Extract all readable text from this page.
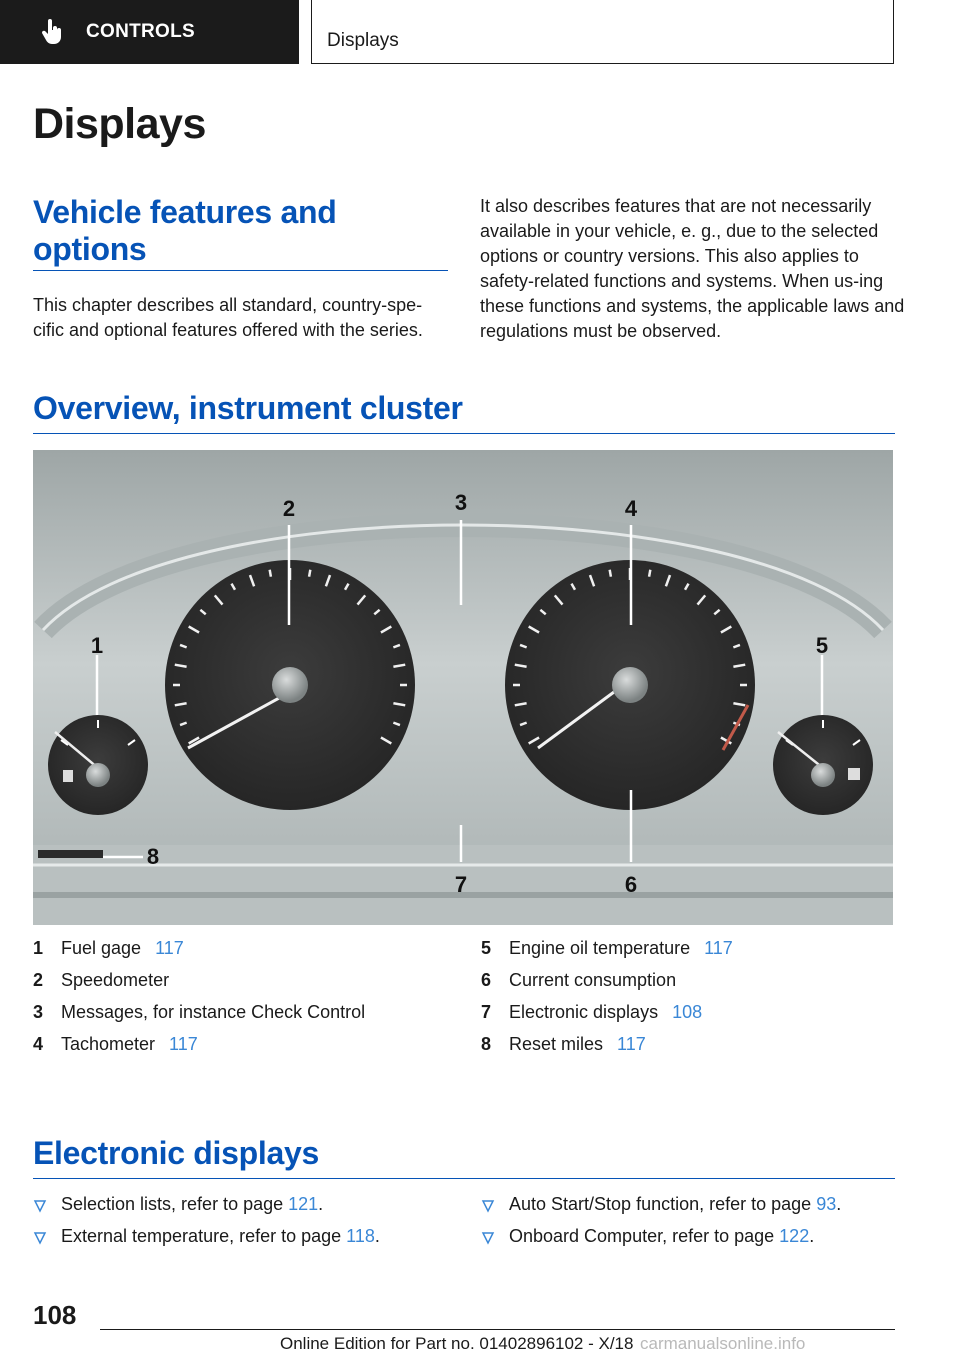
CONTROLS	Displays
Displays
Vehicle features and options
This chapter describes all standard, country-spe-cific and optional features offered with the series.
It also describes features that are not necessarily available in your vehicle, e. g., due to the selected options or country versions. This also applies to safety-related functions and systems. When us-ing these functions and systems, the applicable laws and regulations must be observed.
Overview, instrument cluster
1
2	3	4
5
6
7
8
1 Fuel gage 117
2 Speedometer
3 Messages, for instance Check Control
4 Tachometer 117
5 Engine oil temperature 117
6 Current consumption
7 Electronic displays 108
8 Reset miles 117
Electronic displays
Selection lists, refer to page 121.
External temperature, refer to page 118.
Auto Start/Stop function, refer to page 93.
Onboard Computer, refer to page 122.
108
Online Edition for Part no. 01402896102 - X/18 carmanualsonline.info
